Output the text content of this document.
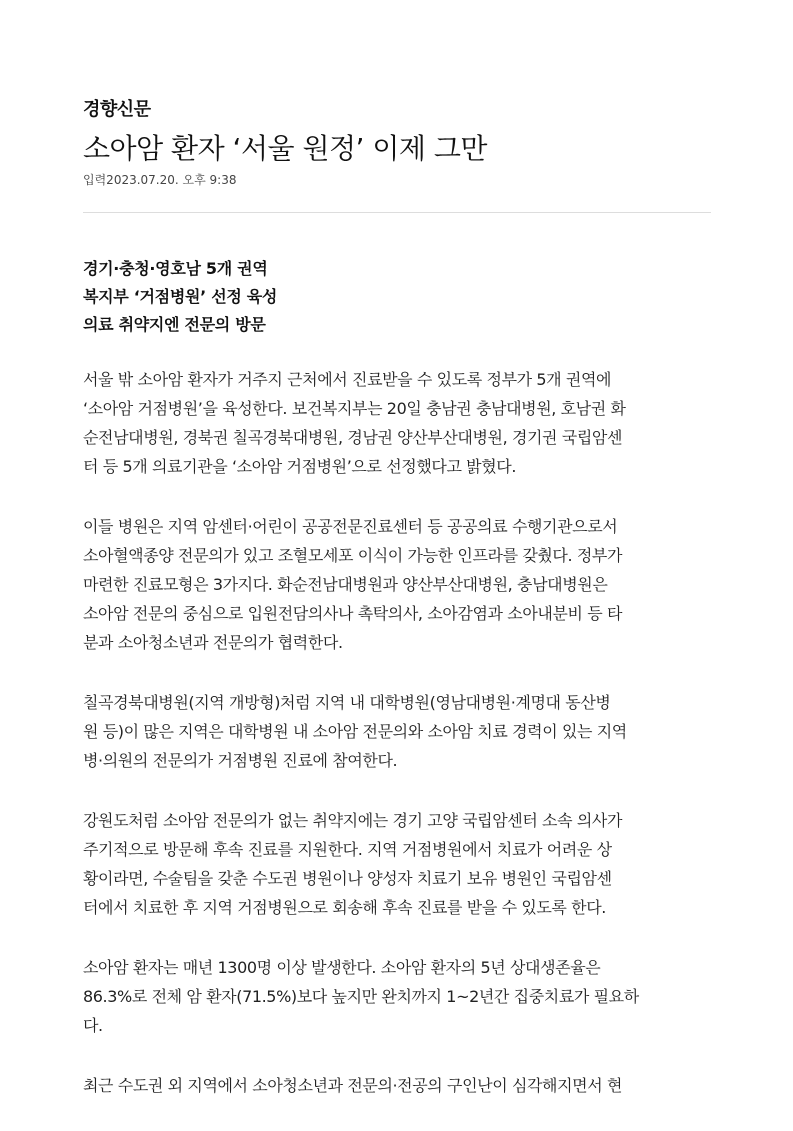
경향신문
소아암 환자 ‘서울 원정’ 이제 그만
입력2023.07.20. 오후 9:38
경기·충청·영호남 5개 권역
복지부 ‘거점병원’ 선정 육성
의료 취약지엔 전문의 방문

서울 밖 소아암 환자가 거주지 근처에서 진료받을 수 있도록 정부가 5개 권역에
‘소아암 거점병원’을 육성한다. 보건복지부는 20일 충남권 충남대병원, 호남권 화
순전남대병원, 경북권 칠곡경북대병원, 경남권 양산부산대병원, 경기권 국립암센
터 등 5개 의료기관을 ‘소아암 거점병원’으로 선정했다고 밝혔다.

이들 병원은 지역 암센터·어린이 공공전문진료센터 등 공공의료 수행기관으로서
소아혈액종양 전문의가 있고 조혈모세포 이식이 가능한 인프라를 갖췄다. 정부가
마련한 진료모형은 3가지다. 화순전남대병원과 양산부산대병원, 충남대병원은
소아암 전문의 중심으로 입원전담의사나 촉탁의사, 소아감염과 소아내분비 등 타
분과 소아청소년과 전문의가 협력한다.

칠곡경북대병원(지역 개방형)처럼 지역 내 대학병원(영남대병원·계명대 동산병
원 등)이 많은 지역은 대학병원 내 소아암 전문의와 소아암 치료 경력이 있는 지역
병·의원의 전문의가 거점병원 진료에 참여한다.

강원도처럼 소아암 전문의가 없는 취약지에는 경기 고양 국립암센터 소속 의사가
주기적으로 방문해 후속 진료를 지원한다. 지역 거점병원에서 치료가 어려운 상
황이라면, 수술팀을 갖춘 수도권 병원이나 양성자 치료기 보유 병원인 국립암센
터에서 치료한 후 지역 거점병원으로 회송해 후속 진료를 받을 수 있도록 한다.

소아암 환자는 매년 1300명 이상 발생한다. 소아암 환자의 5년 상대생존율은
86.3%로 전체 암 환자(71.5%)보다 높지만 완치까지 1~2년간 집중치료가 필요하
다.

최근 수도권 외 지역에서 소아청소년과 전문의·전공의 구인난이 심각해지면서 현
